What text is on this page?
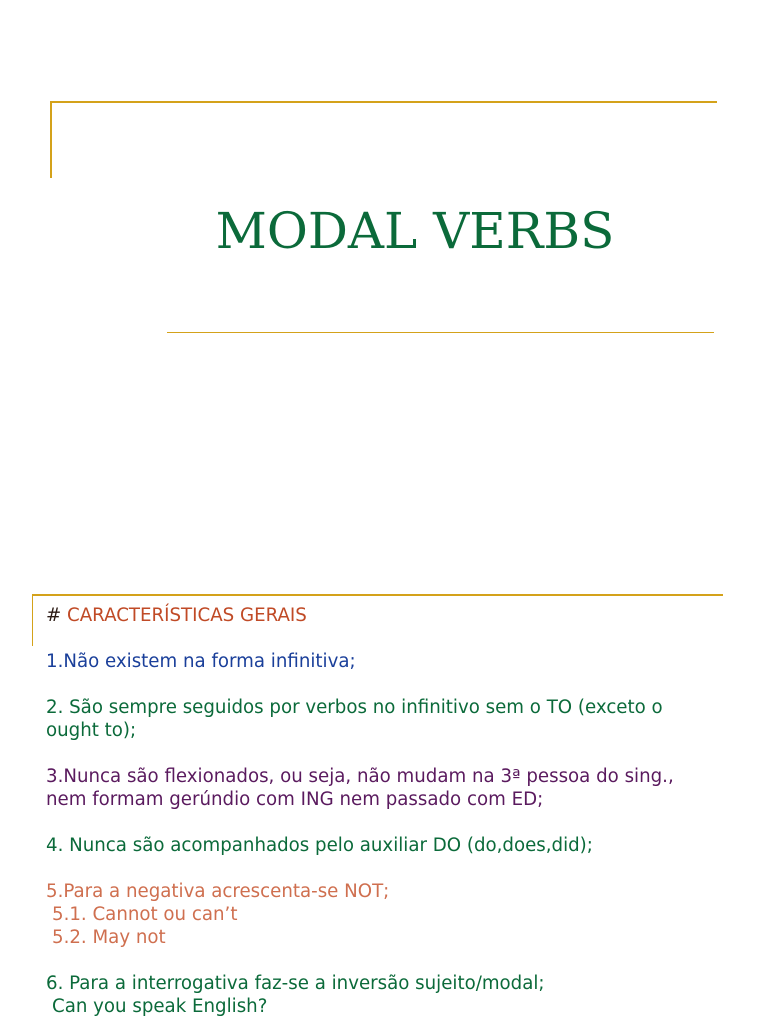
MODAL VERBS
# CARACTERÍSTICAS GERAIS
1.Não existem na forma infinitiva;
2. São sempre seguidos por verbos no infinitivo sem o TO (exceto o
ought to);
3.Nunca são flexionados, ou seja, não mudam na 3ª pessoa do sing.,
nem formam gerúndio com ING nem passado com ED;
4. Nunca são acompanhados pelo auxiliar DO (do,does,did);
5.Para a negativa acrescenta-se NOT;
5.1. Cannot ou can’t
5.2. May not
6. Para a interrogativa faz-se a inversão sujeito/modal;
Can you speak English?
